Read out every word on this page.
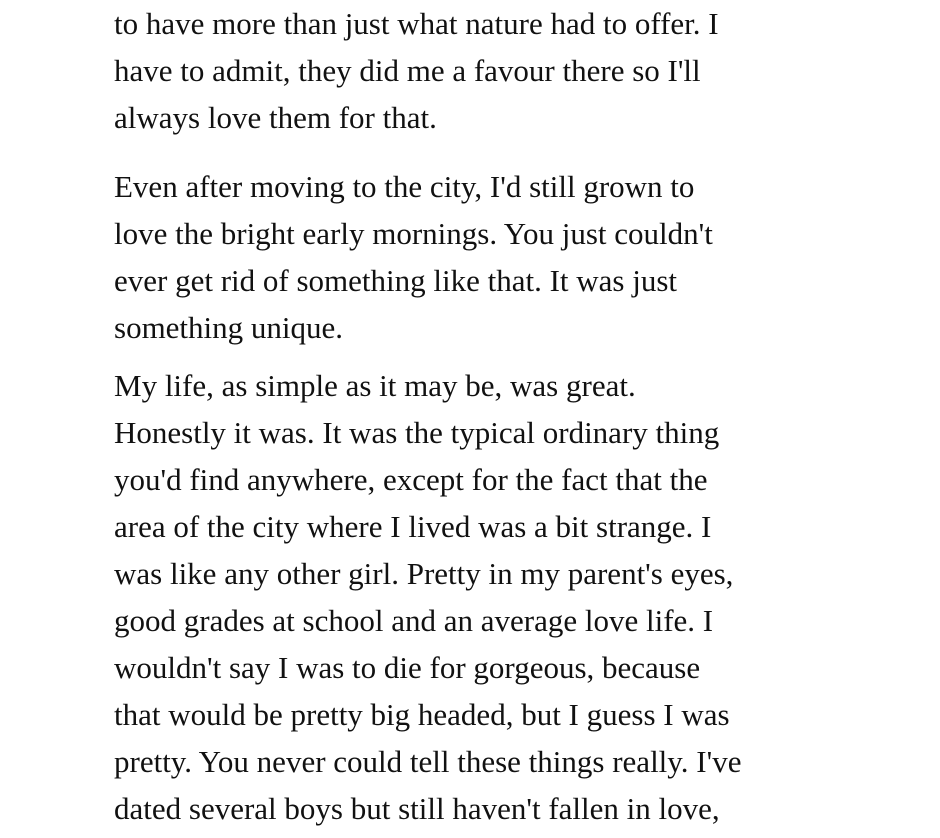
to have more than just what nature had to offer. I
have to admit, they did me a favour there so I'll
always love them for that.

Even after moving to the city, I'd still grown to
love the bright early mornings. You just couldn't
ever get rid of something like that. It was just
something unique.

My life, as simple as it may be, was great.
Honestly it was. It was the typical ordinary thing
you'd find anywhere, except for the fact that the
area of the city where I lived was a bit strange. I
was like any other girl. Pretty in my parent's eyes,
good grades at school and an average love life. I
wouldn't say I was to die for gorgeous, because
that would be pretty big headed, but I guess I was
pretty. You never could tell these things really. I've
dated several boys but still haven't fallen in love,
